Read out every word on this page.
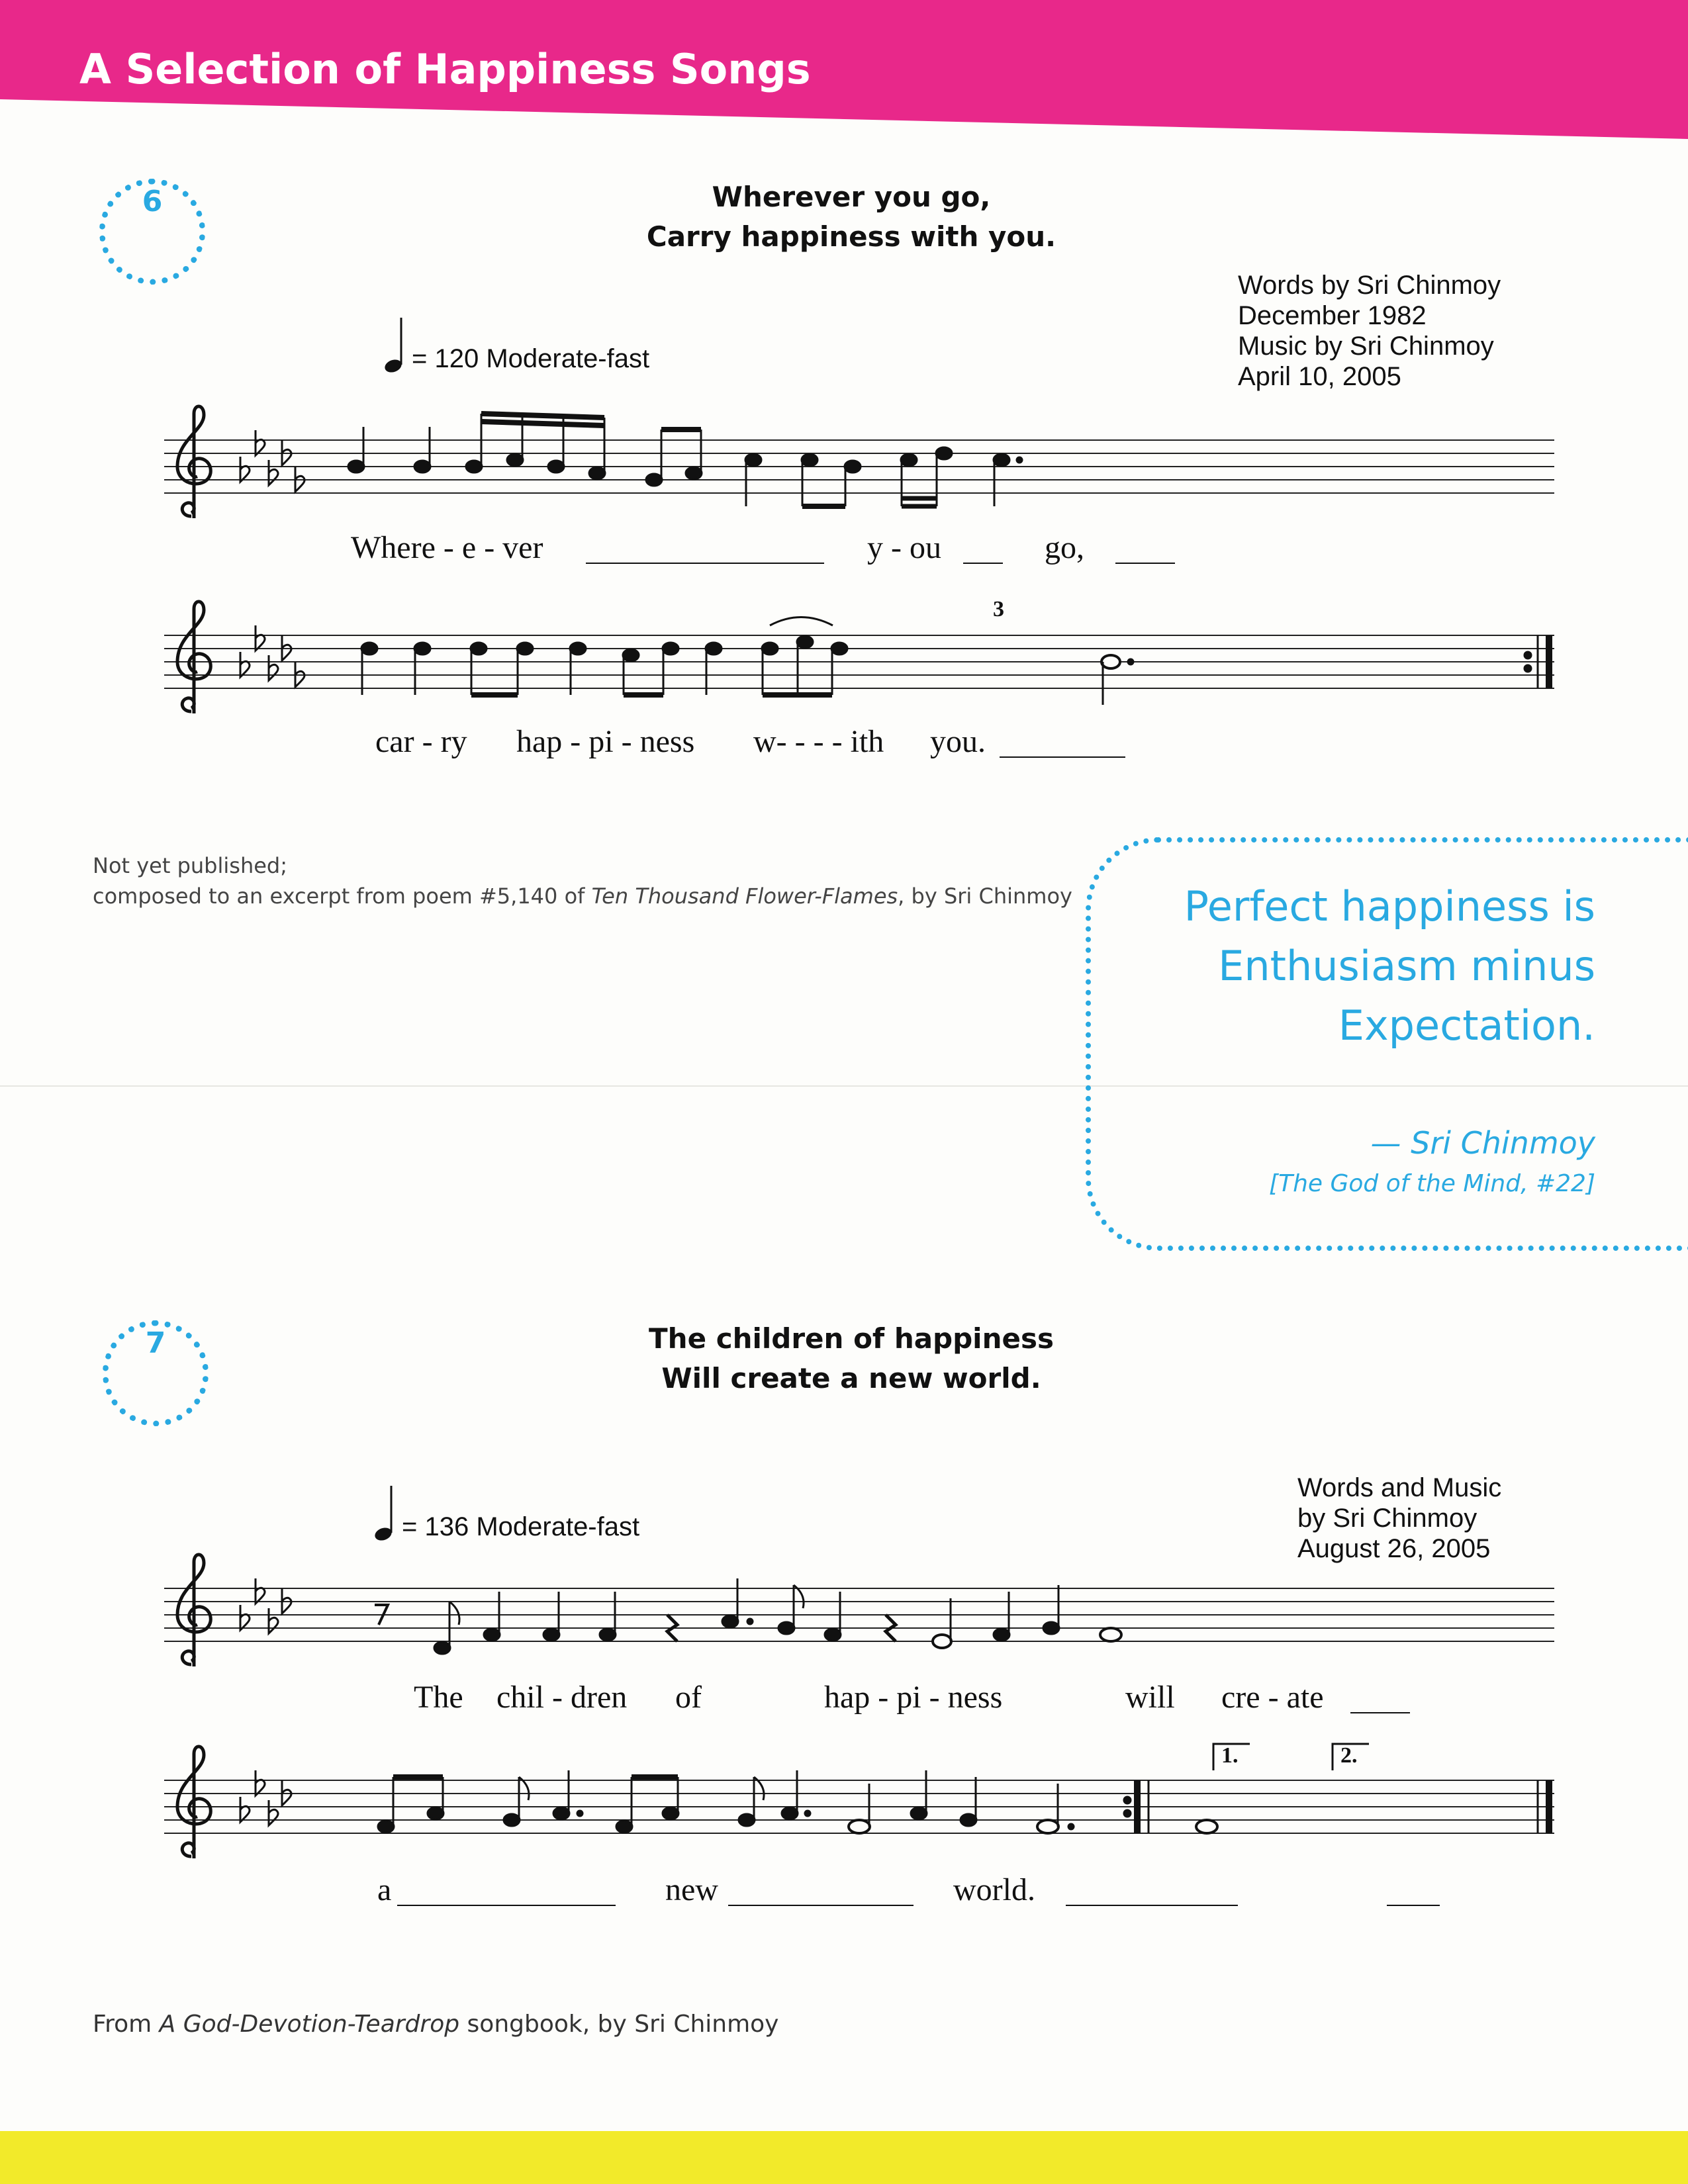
A Selection of Happiness Songs
6	Wherever you go,
Carry happiness with you.
Words by Sri Chinmoy
December 1982
Music by Sri Chinmoy
April 10, 2005
= 120 Moderate-fast
Where - e - ver	y - ou	go,
3
car - ry hap - pi - ness w- - - - ith you.
Not yet published;
composed to an excerpt from poem #5,140 of Ten Thousand Flower-Flames, by Sri Chinmoy	Perfect happiness is
Enthusiasm minus
Expectation.
— Sri Chinmoy
[The God of the Mind, #22]
7	The children of happiness
Will create a new world.
Words and Music
by Sri Chinmoy
August 26, 2005
= 136 Moderate-fast
The chil - dren of	hap - pi - ness	will cre - ate
1.	2.
a	new	world.
From A God-Devotion-Teardrop songbook, by Sri Chinmoy
